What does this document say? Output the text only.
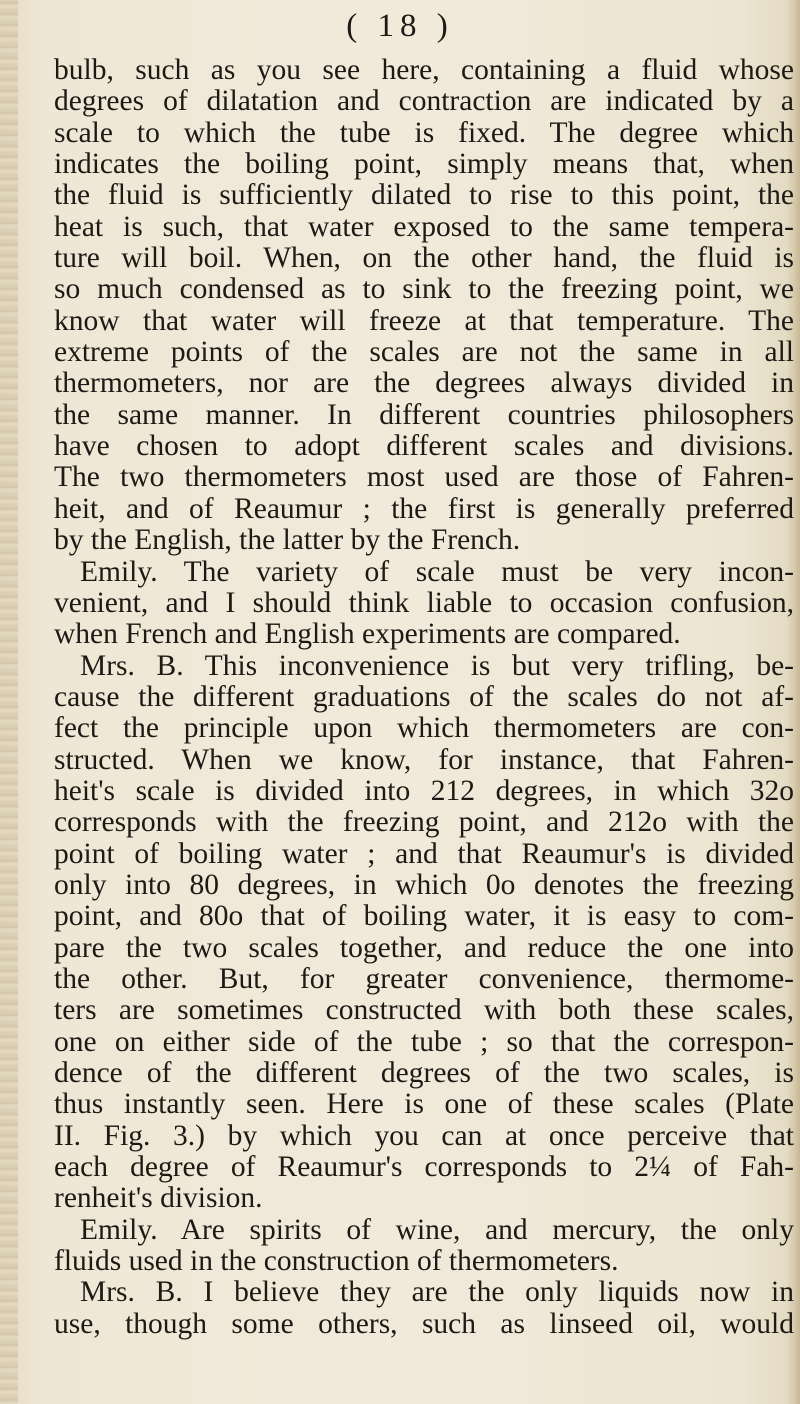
( 18 )
bulb, such as you see here, containing a fluid whose
degrees of dilatation and contraction are indicated by a
scale to which the tube is fixed. The degree which
indicates the boiling point, simply means that, when
the fluid is sufficiently dilated to rise to this point, the
heat is such, that water exposed to the same tempera-
ture will boil. When, on the other hand, the fluid is
so much condensed as to sink to the freezing point, we
know that water will freeze at that temperature. The
extreme points of the scales are not the same in all
thermometers, nor are the degrees always divided in
the same manner. In different countries philosophers
have chosen to adopt different scales and divisions.
The two thermometers most used are those of Fahren-
heit, and of Reaumur ; the first is generally preferred
by the English, the latter by the French.
Emily. The variety of scale must be very incon-
venient, and I should think liable to occasion confusion,
when French and English experiments are compared.
Mrs. B. This inconvenience is but very trifling, be-
cause the different graduations of the scales do not af-
fect the principle upon which thermometers are con-
structed. When we know, for instance, that Fahren-
heit's scale is divided into 212 degrees, in which 32o
corresponds with the freezing point, and 212o with the
point of boiling water ; and that Reaumur's is divided
only into 80 degrees, in which 0o denotes the freezing
point, and 80o that of boiling water, it is easy to com-
pare the two scales together, and reduce the one into
the other. But, for greater convenience, thermome-
ters are sometimes constructed with both these scales,
one on either side of the tube ; so that the correspon-
dence of the different degrees of the two scales, is
thus instantly seen. Here is one of these scales (Plate
II. Fig. 3.) by which you can at once perceive that
each degree of Reaumur's corresponds to 2¼ of Fah-
renheit's division.
Emily. Are spirits of wine, and mercury, the only
fluids used in the construction of thermometers.
Mrs. B. I believe they are the only liquids now in
use, though some others, such as linseed oil, would
